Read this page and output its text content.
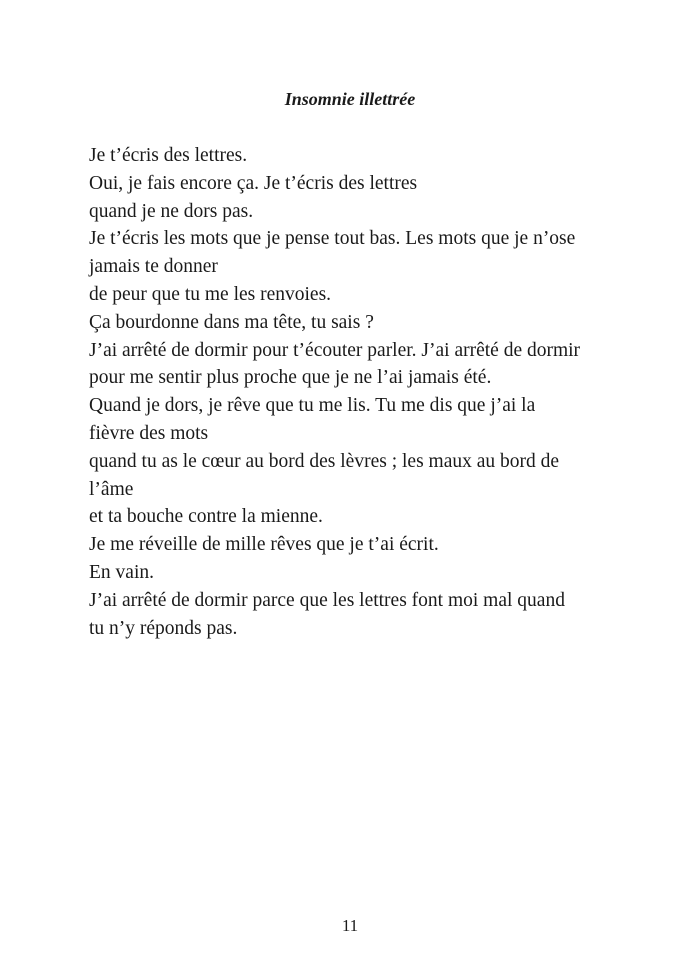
Insomnie illettrée
Je t’écris des lettres.
Oui, je fais encore ça. Je t’écris des lettres
quand je ne dors pas.
Je t’écris les mots que je pense tout bas. Les mots que je n’ose
jamais te donner
de peur que tu me les renvoies.
Ça bourdonne dans ma tête, tu sais ?
J’ai arrêté de dormir pour t’écouter parler. J’ai arrêté de dormir
pour me sentir plus proche que je ne l’ai jamais été.
Quand je dors, je rêve que tu me lis. Tu me dis que j’ai la
fièvre des mots
quand tu as le cœur au bord des lèvres ; les maux au bord de
l’âme
et ta bouche contre la mienne.
Je me réveille de mille rêves que je t’ai écrit.
En vain.
J’ai arrêté de dormir parce que les lettres font moi mal quand
tu n’y réponds pas.
11
